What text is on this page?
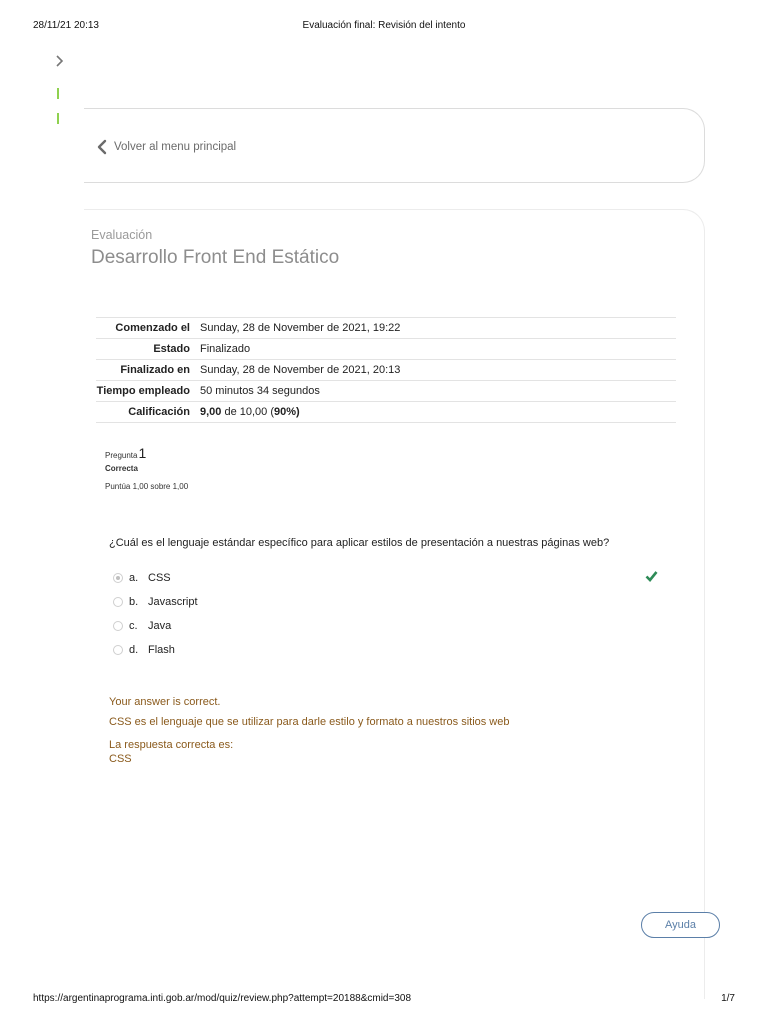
28/11/21 20:13	Evaluación final: Revisión del intento
Volver al menu principal
Evaluación
Desarrollo Front End Estático
Comenzado el	Sunday, 28 de November de 2021, 19:22
Estado	Finalizado
Finalizado en	Sunday, 28 de November de 2021, 20:13
Tiempo empleado	50 minutos 34 segundos
Calificación	9,00 de 10,00 (90%)
Pregunta 1
Correcta
Puntúa 1,00 sobre 1,00
¿Cuál es el lenguaje estándar específico para aplicar estilos de presentación a nuestras páginas web?
a. CSS
b. Javascript
c. Java
d. Flash
Your answer is correct.
CSS es el lenguaje que se utilizar para darle estilo y formato a nuestros sitios web
La respuesta correcta es:
CSS
Ayuda
https://argentinaprograma.inti.gob.ar/mod/quiz/review.php?attempt=20188&cmid=308	1/7
